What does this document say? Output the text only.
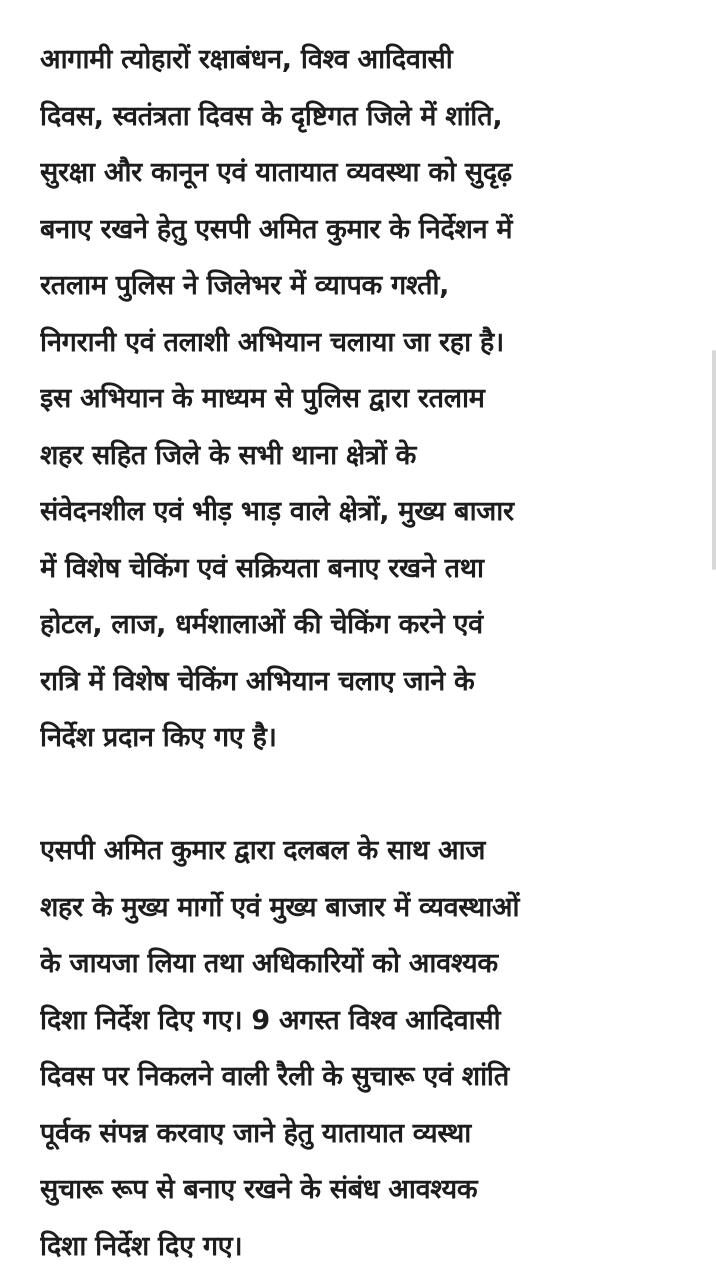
आगामी त्योहारों रक्षाबंधन, विश्व आदिवासी
दिवस, स्वतंत्रता दिवस के दृष्टिगत जिले में शांति,
सुरक्षा और कानून एवं यातायात व्यवस्था को सुदृढ़
बनाए रखने हेतु एसपी अमित कुमार के निर्देशन में
रतलाम पुलिस ने जिलेभर में व्यापक गश्ती,
निगरानी एवं तलाशी अभियान चलाया जा रहा है।
इस अभियान के माध्यम से पुलिस द्वारा रतलाम
शहर सहित जिले के सभी थाना क्षेत्रों के
संवेदनशील एवं भीड़ भाड़ वाले क्षेत्रों, मुख्य बाजार
में विशेष चेकिंग एवं सक्रियता बनाए रखने तथा
होटल, लाज, धर्मशालाओं की चेकिंग करने एवं
रात्रि में विशेष चेकिंग अभियान चलाए जाने के
निर्देश प्रदान किए गए है।
एसपी अमित कुमार द्वारा दलबल के साथ आज
शहर के मुख्य मार्गो एवं मुख्य बाजार में व्यवस्थाओं
के जायजा लिया तथा अधिकारियों को आवश्यक
दिशा निर्देश दिए गए। 9 अगस्त विश्व आदिवासी
दिवस पर निकलने वाली रैली के सुचारू एवं शांति
पूर्वक संपन्न करवाए जाने हेतु यातायात व्यस्था
सुचारू रूप से बनाए रखने के संबंध आवश्यक
दिशा निर्देश दिए गए।
